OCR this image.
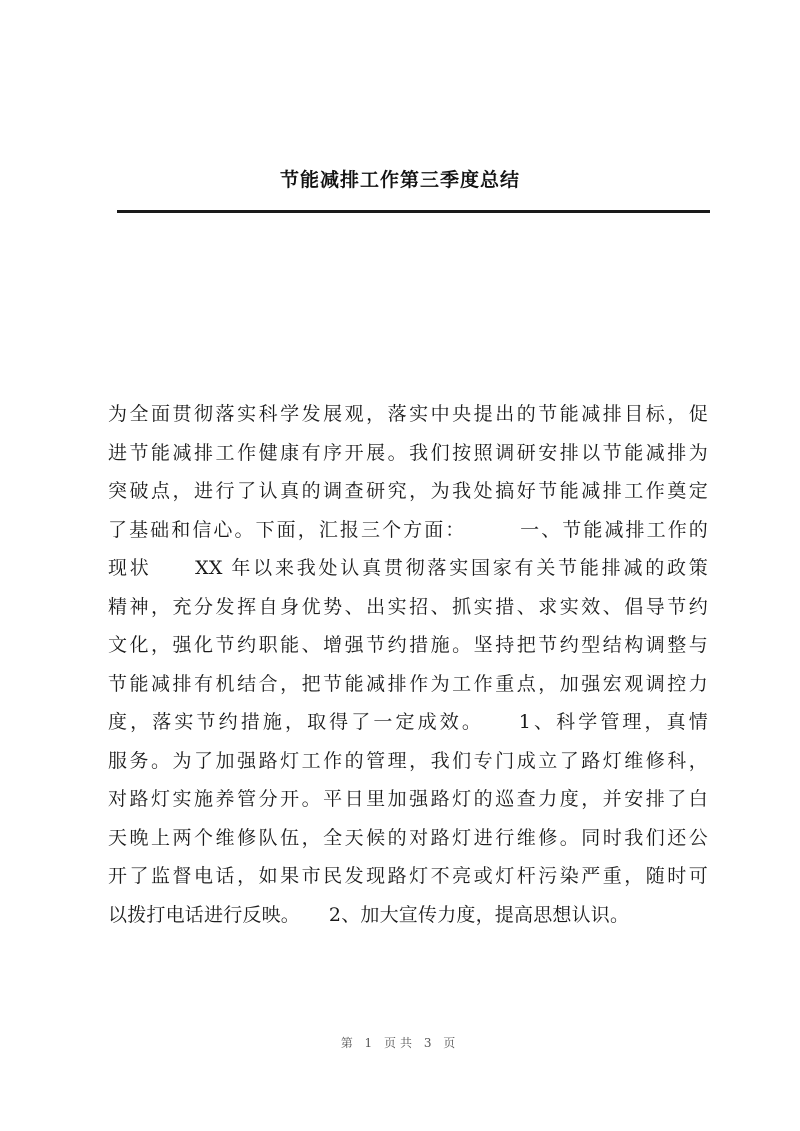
节能减排工作第三季度总结
为全面贯彻落实科学发展观，落实中央提出的节能减排目标，促
进节能减排工作健康有序开展。我们按照调研安排以节能减排为
突破点，进行了认真的调查研究，为我处搞好节能减排工作奠定
了基础和信心。下面，汇报三个方面：　　　一、节能减排工作的
现状　　XX 年以来我处认真贯彻落实国家有关节能排减的政策
精神，充分发挥自身优势、出实招、抓实措、求实效、倡导节约
文化，强化节约职能、增强节约措施。坚持把节约型结构调整与
节能减排有机结合，把节能减排作为工作重点，加强宏观调控力
度，落实节约措施，取得了一定成效。　　1、科学管理，真情
服务。为了加强路灯工作的管理，我们专门成立了路灯维修科，
对路灯实施养管分开。平日里加强路灯的巡查力度，并安排了白
天晚上两个维修队伍，全天候的对路灯进行维修。同时我们还公
开了监督电话，如果市民发现路灯不亮或灯杆污染严重，随时可
以拨打电话进行反映。　　2、加大宣传力度，提高思想认识。
第 1 页共 3 页
